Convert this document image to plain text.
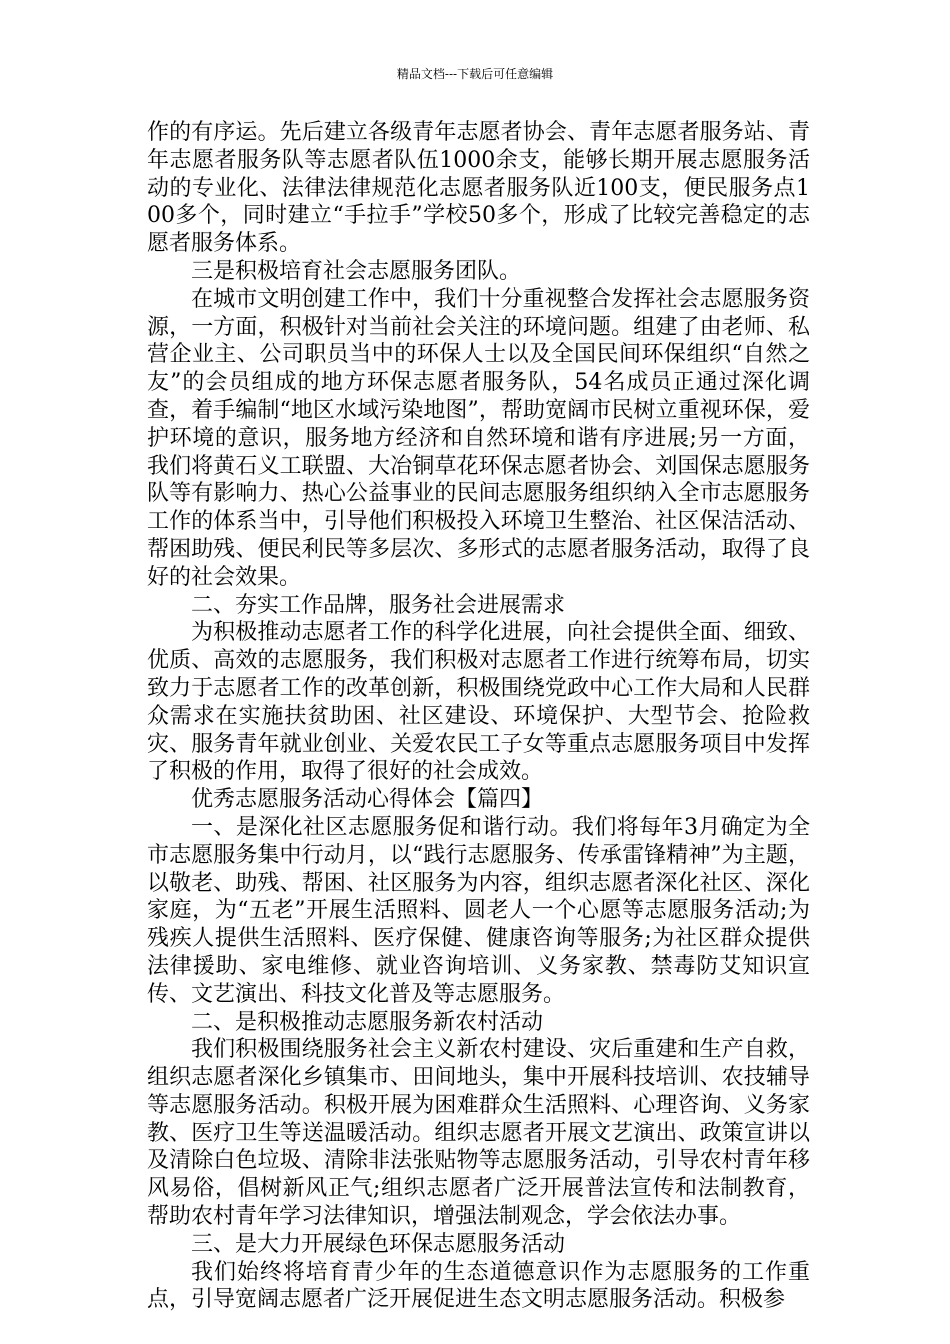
精品文档---下载后可任意编辑

作的有序运。先后建立各级青年志愿者协会、青年志愿者服务站、青年志愿者服务队等志愿者队伍1000余支，能够长期开展志愿服务活动的专业化、法律法律规范化志愿者服务队近100支，便民服务点100多个，同时建立“手拉手”学校50多个，形成了比较完善稳定的志愿者服务体系。

三是积极培育社会志愿服务团队。

在城市文明创建工作中，我们十分重视整合发挥社会志愿服务资源，一方面，积极针对当前社会关注的环境问题。组建了由老师、私营企业主、公司职员当中的环保人士以及全国民间环保组织“自然之友”的会员组成的地方环保志愿者服务队，54名成员正通过深化调查，着手编制“地区水域污染地图”，帮助宽阔市民树立重视环保，爱护环境的意识，服务地方经济和自然环境和谐有序进展;另一方面，我们将黄石义工联盟、大冶铜草花环保志愿者协会、刘国保志愿服务队等有影响力、热心公益事业的民间志愿服务组织纳入全市志愿服务工作的体系当中，引导他们积极投入环境卫生整治、社区保洁活动、帮困助残、便民利民等多层次、多形式的志愿者服务活动，取得了良好的社会效果。

二、夯实工作品牌，服务社会进展需求

为积极推动志愿者工作的科学化进展，向社会提供全面、细致、优质、高效的志愿服务，我们积极对志愿者工作进行统筹布局，切实致力于志愿者工作的改革创新，积极围绕党政中心工作大局和人民群众需求在实施扶贫助困、社区建设、环境保护、大型节会、抢险救灾、服务青年就业创业、关爱农民工子女等重点志愿服务项目中发挥了积极的作用，取得了很好的社会成效。

优秀志愿服务活动心得体会【篇四】

一、是深化社区志愿服务促和谐行动。我们将每年3月确定为全市志愿服务集中行动月，以“践行志愿服务、传承雷锋精神”为主题，以敬老、助残、帮困、社区服务为内容，组织志愿者深化社区、深化家庭，为“五老”开展生活照料、圆老人一个心愿等志愿服务活动;为残疾人提供生活照料、医疗保健、健康咨询等服务;为社区群众提供法律援助、家电维修、就业咨询培训、义务家教、禁毒防艾知识宣传、文艺演出、科技文化普及等志愿服务。

二、是积极推动志愿服务新农村活动

我们积极围绕服务社会主义新农村建设、灾后重建和生产自救，组织志愿者深化乡镇集市、田间地头，集中开展科技培训、农技辅导等志愿服务活动。积极开展为困难群众生活照料、心理咨询、义务家教、医疗卫生等送温暖活动。组织志愿者开展文艺演出、政策宣讲以及清除白色垃圾、清除非法张贴物等志愿服务活动，引导农村青年移风易俗，倡树新风正气;组织志愿者广泛开展普法宣传和法制教育，帮助农村青年学习法律知识，增强法制观念，学会依法办事。

三、是大力开展绿色环保志愿服务活动

我们始终将培育青少年的生态道德意识作为志愿服务的工作重点，引导宽阔志愿者广泛开展促进生态文明志愿服务活动。积极参
